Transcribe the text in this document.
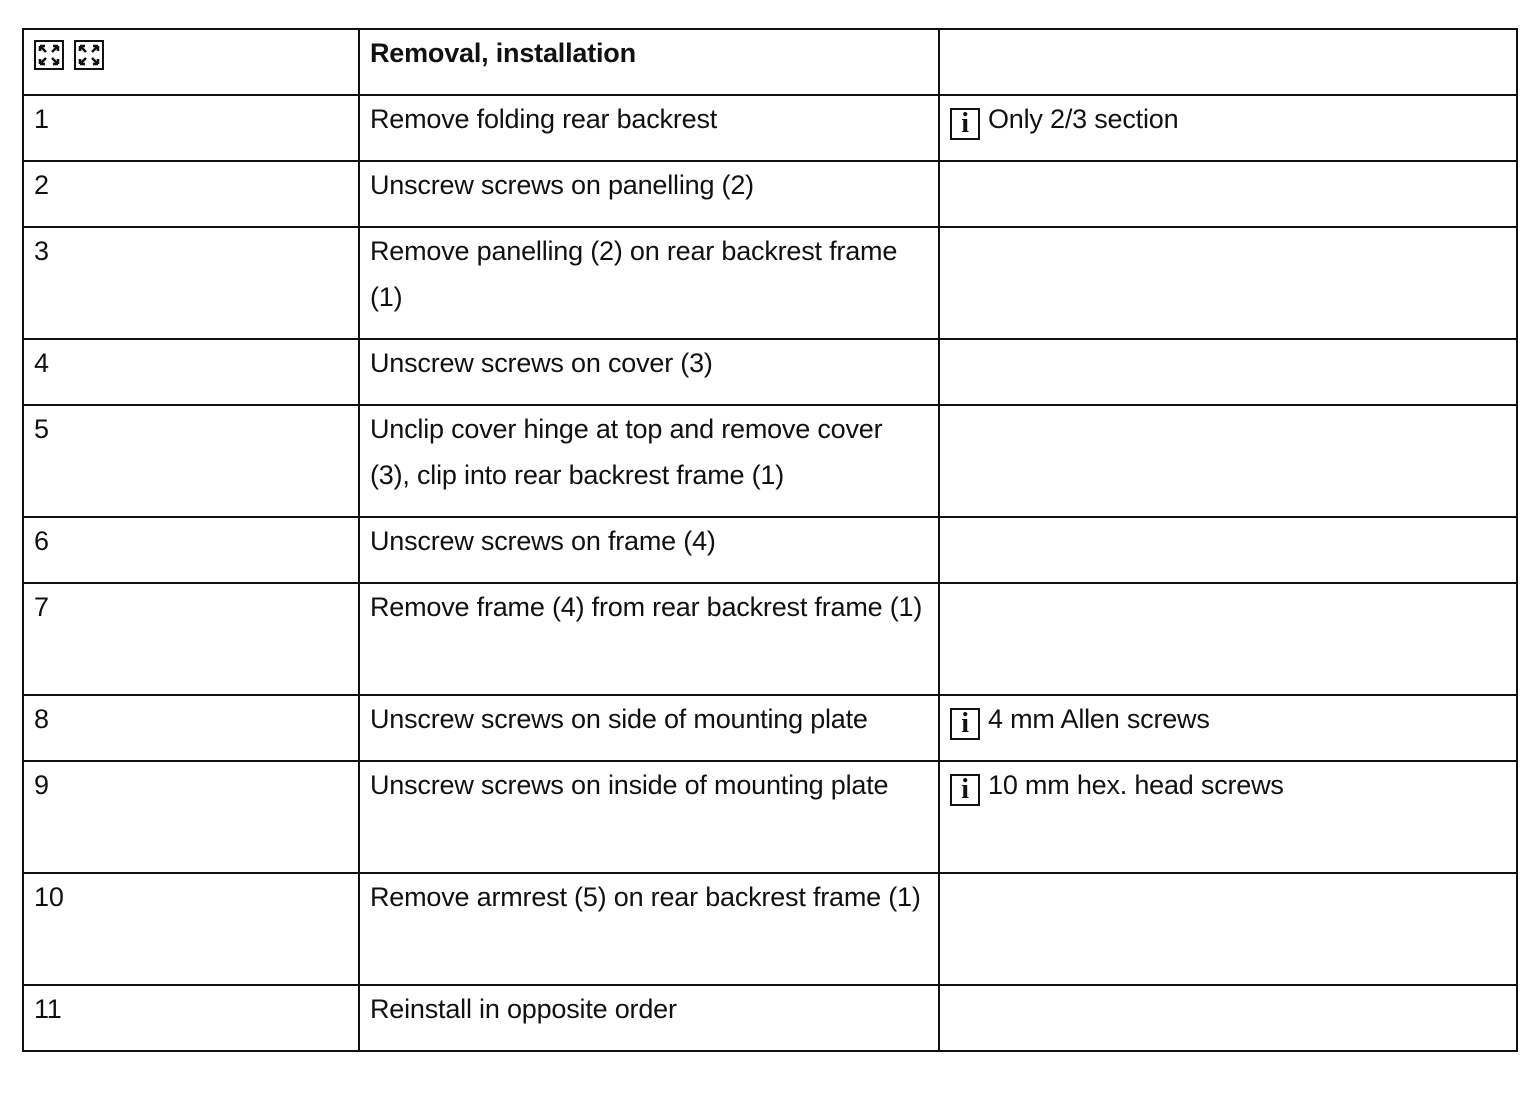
	Removal, installation	
1	Remove folding rear backrest	i Only 2/3 section
2	Unscrew screws on panelling (2)	
3	Remove panelling (2) on rear backrest frame (1)	
4	Unscrew screws on cover (3)	
5	Unclip cover hinge at top and remove cover (3), clip into rear backrest frame (1)	
6	Unscrew screws on frame (4)	
7	Remove frame (4) from rear backrest frame (1)	
8	Unscrew screws on side of mounting plate	i 4 mm Allen screws
9	Unscrew screws on inside of mounting plate	i 10 mm hex. head screws
10	Remove armrest (5) on rear backrest frame (1)	
11	Reinstall in opposite order	
